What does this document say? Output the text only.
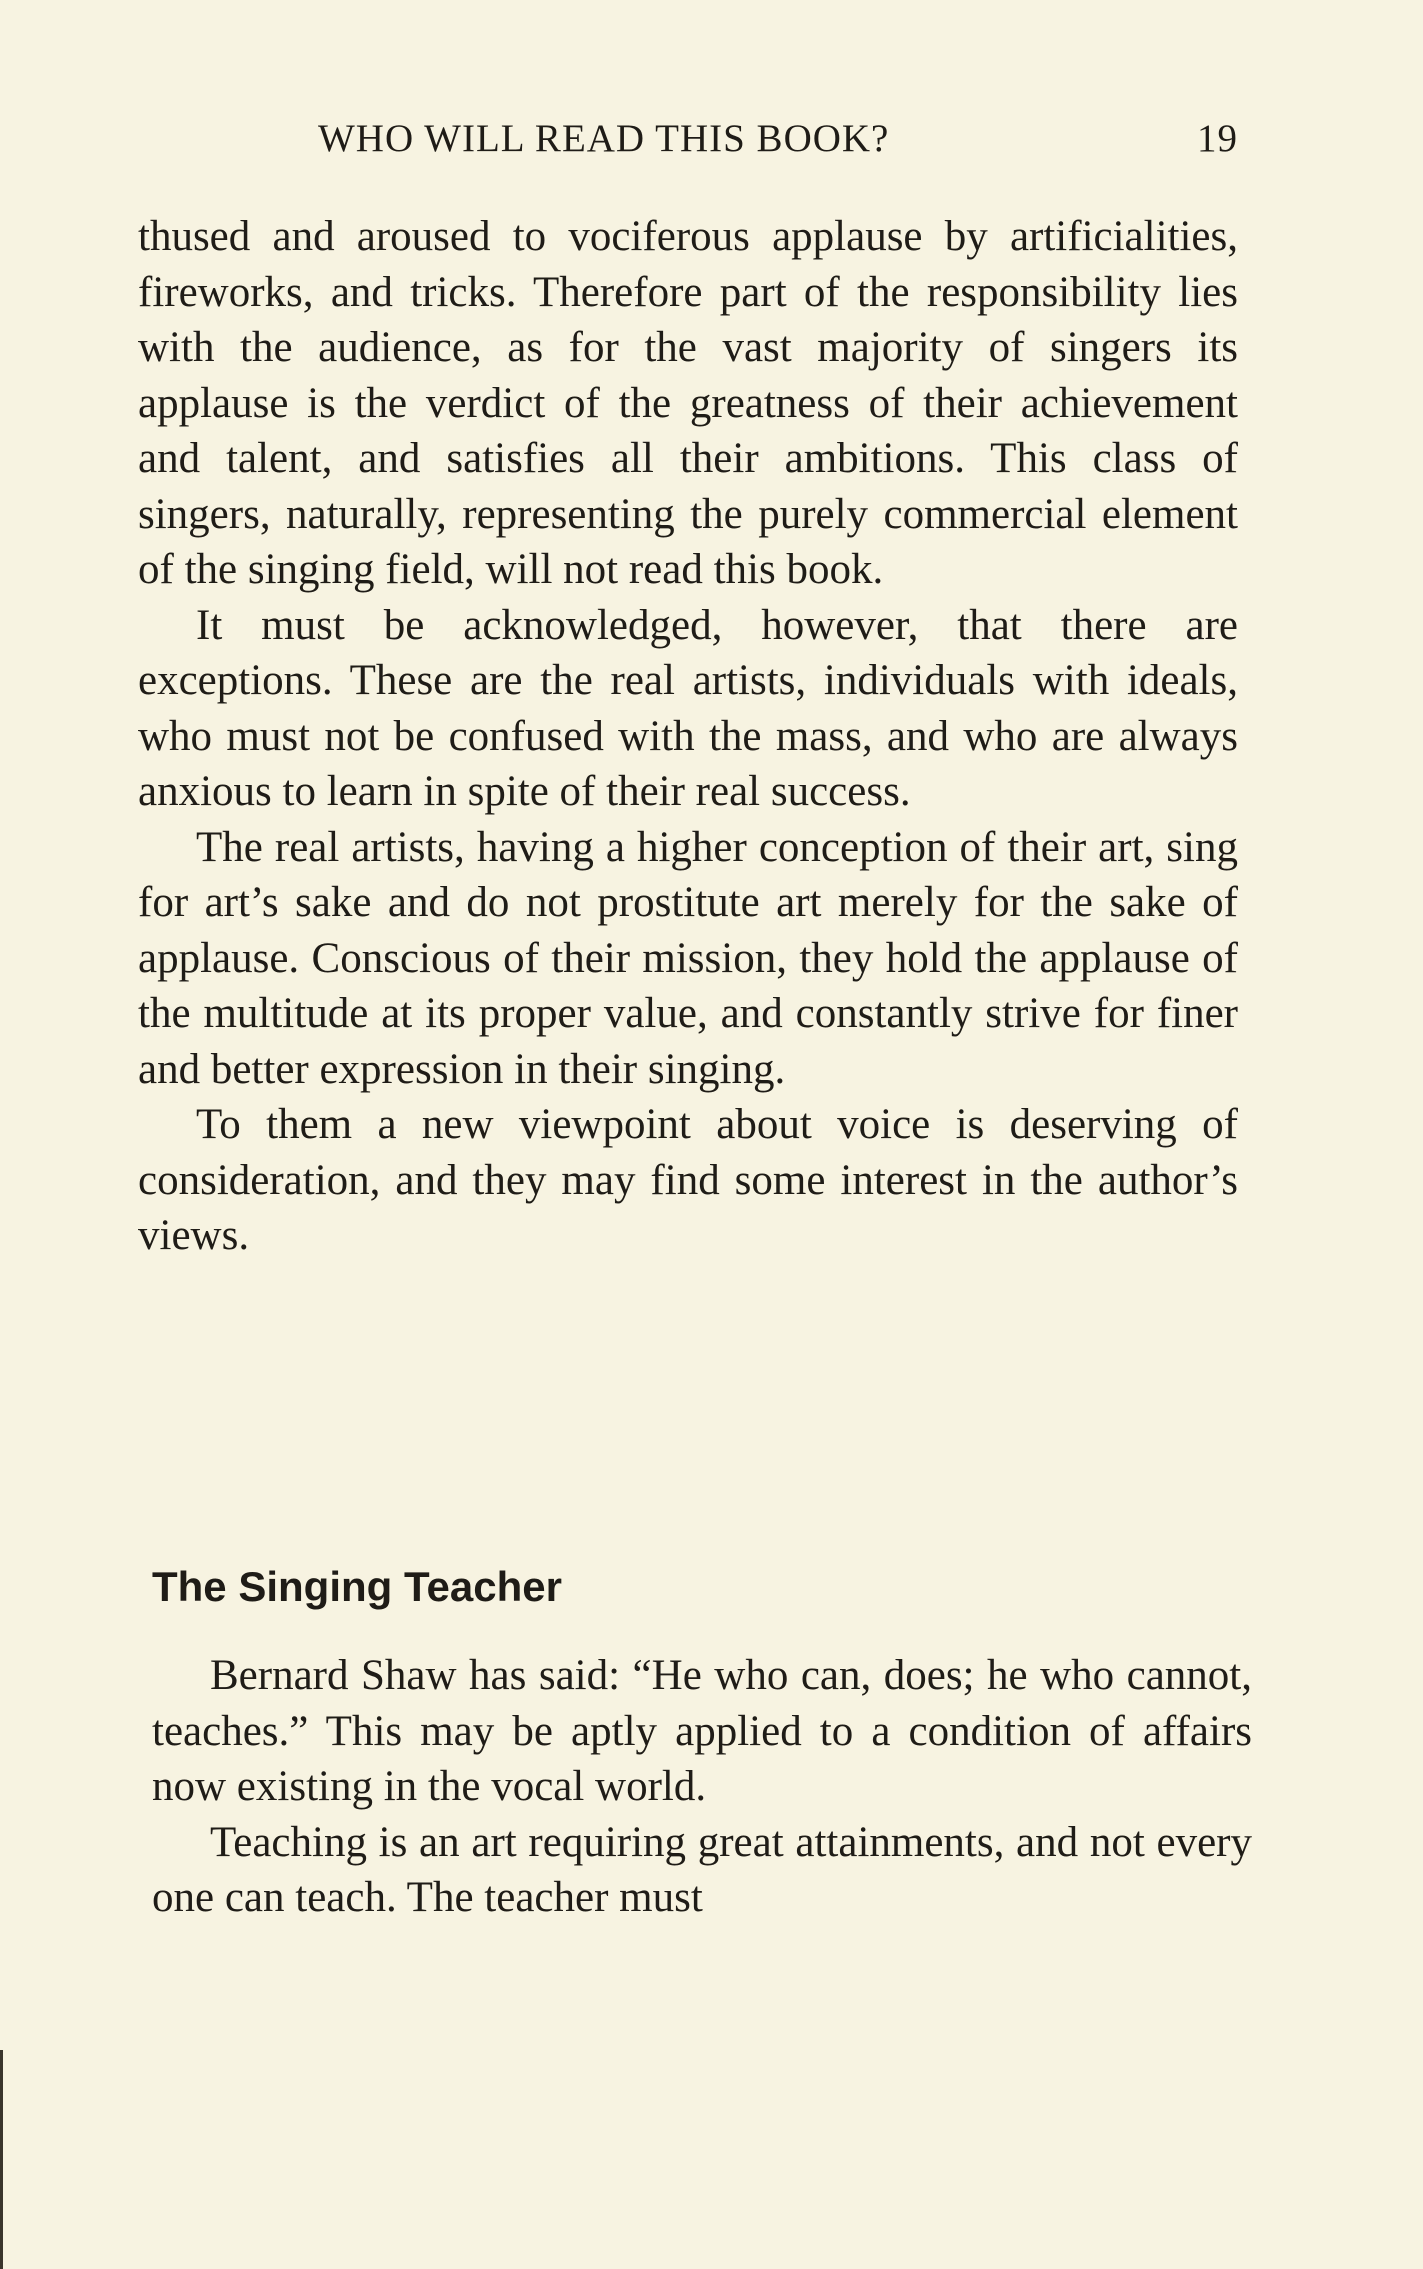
WHO WILL READ THIS BOOK?	19

thused and aroused to vociferous applause by artificialities, fireworks, and tricks. Therefore part of the responsibility lies with the audience, as for the vast majority of singers its applause is the verdict of the greatness of their achievement and talent, and satisfies all their ambitions. This class of singers, naturally, representing the purely commercial element of the singing field, will not read this book.

It must be acknowledged, however, that there are exceptions. These are the real artists, individuals with ideals, who must not be confused with the mass, and who are always anxious to learn in spite of their real success.

The real artists, having a higher conception of their art, sing for art’s sake and do not prostitute art merely for the sake of applause. Conscious of their mission, they hold the applause of the multitude at its proper value, and constantly strive for finer and better expression in their singing.

To them a new viewpoint about voice is deserving of consideration, and they may find some interest in the author’s views.

The Singing Teacher

Bernard Shaw has said: “He who can, does; he who cannot, teaches.” This may be aptly applied to a condition of affairs now existing in the vocal world.

Teaching is an art requiring great attainments, and not every one can teach. The teacher must
